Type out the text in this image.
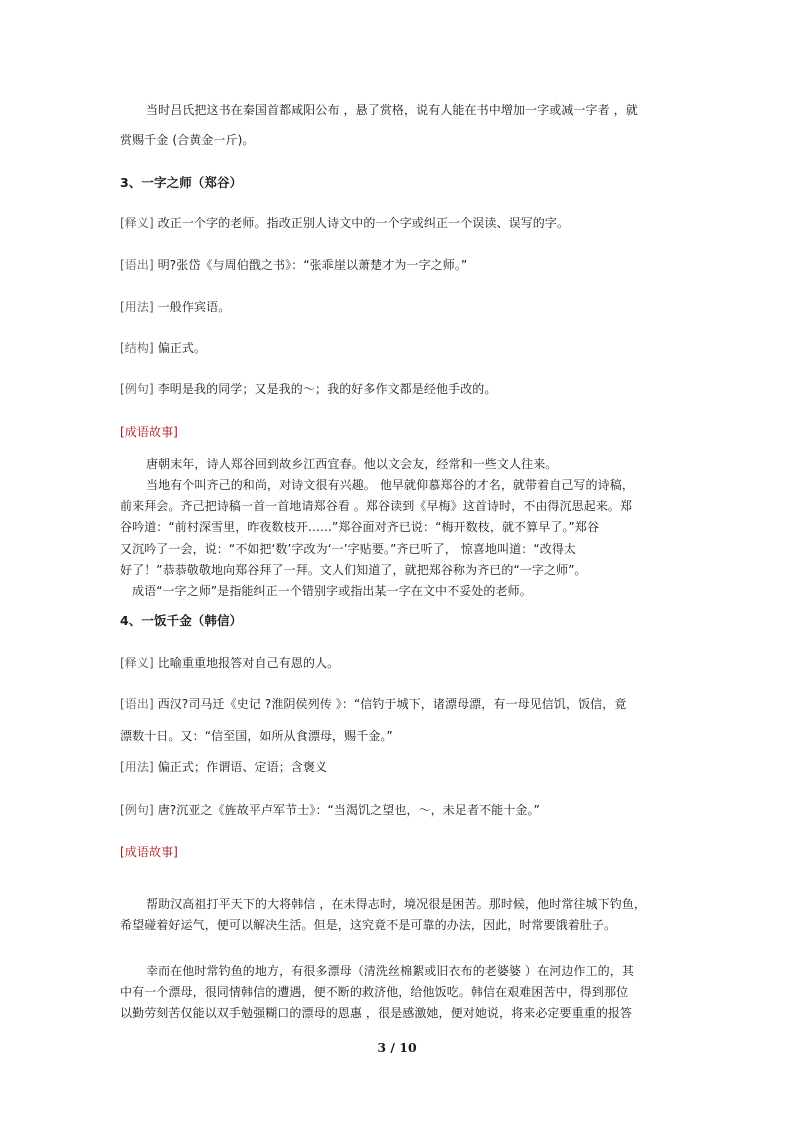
当时吕氏把这书在秦国首都咸阳公布 ，悬了赏格，说有人能在书中增加一字或减一字者 ，就
赏赐千金 (合黄金一斤)。
3、一字之师（郑谷）
[释义] 改正一个字的老师。指改正别人诗文中的一个字或纠正一个误读、误写的字。
[语出] 明?张岱《与周伯戬之书》：“张乖崖以萧楚才为一字之师。”
[用法] 一般作宾语。
[结构] 偏正式。
[例句] 李明是我的同学；又是我的～；我的好多作文都是经他手改的。
[成语故事]
唐朝末年，诗人郑谷回到故乡江西宜春。他以文会友，经常和一些文人往来。
当地有个叫齐己的和尚，对诗文很有兴趣。 他早就仰慕郑谷的才名，就带着自己写的诗稿，
前来拜会。齐己把诗稿一首一首地请郑谷看 。郑谷读到《早梅》这首诗时，不由得沉思起来。郑
谷吟道：“前村深雪里，昨夜数枝开……”郑谷面对齐已说：“梅开数枝，就不算早了。”郑谷
又沉吟了一会，说：“不如把‘数’字改为‘一’字贴要。”齐已听了， 惊喜地叫道：“改得太
好了！”恭恭敬敬地向郑谷拜了一拜。文人们知道了，就把郑谷称为齐已的“一字之师”。
成语“一字之师”是指能纠正一个错别字或指出某一字在文中不妥处的老师。
4、一饭千金（韩信）
[释义] 比喻重重地报答对自己有恩的人。
[语出] 西汉?司马迁《史记 ?淮阴侯列传 》：“信钓于城下，诸漂母漂，有一母见信饥，饭信，竟
漂数十日。又：“信至国，如所从食漂母，赐千金。”
[用法] 偏正式；作谓语、定语；含褒义
[例句] 唐?沉亚之《旌故平卢军节士》：“当渴饥之望也，～，未足者不能十金。”
[成语故事]
帮助汉高祖打平天下的大将韩信 ，在未得志时，境况很是困苦。那时候，他时常往城下钓鱼，
希望碰着好运气，便可以解决生活。但是，这究竟不是可靠的办法，因此，时常要饿着肚子。
幸而在他时常钓鱼的地方，有很多漂母（清洗丝棉絮或旧衣布的老婆婆 ）在河边作工的，其
中有一个漂母，很同情韩信的遭遇，便不断的救济他，给他饭吃。韩信在艰难困苦中，得到那位
以勤劳刻苦仅能以双手勉强糊口的漂母的恩惠 ，很是感激她，便对她说，将来必定要重重的报答
3 / 10
